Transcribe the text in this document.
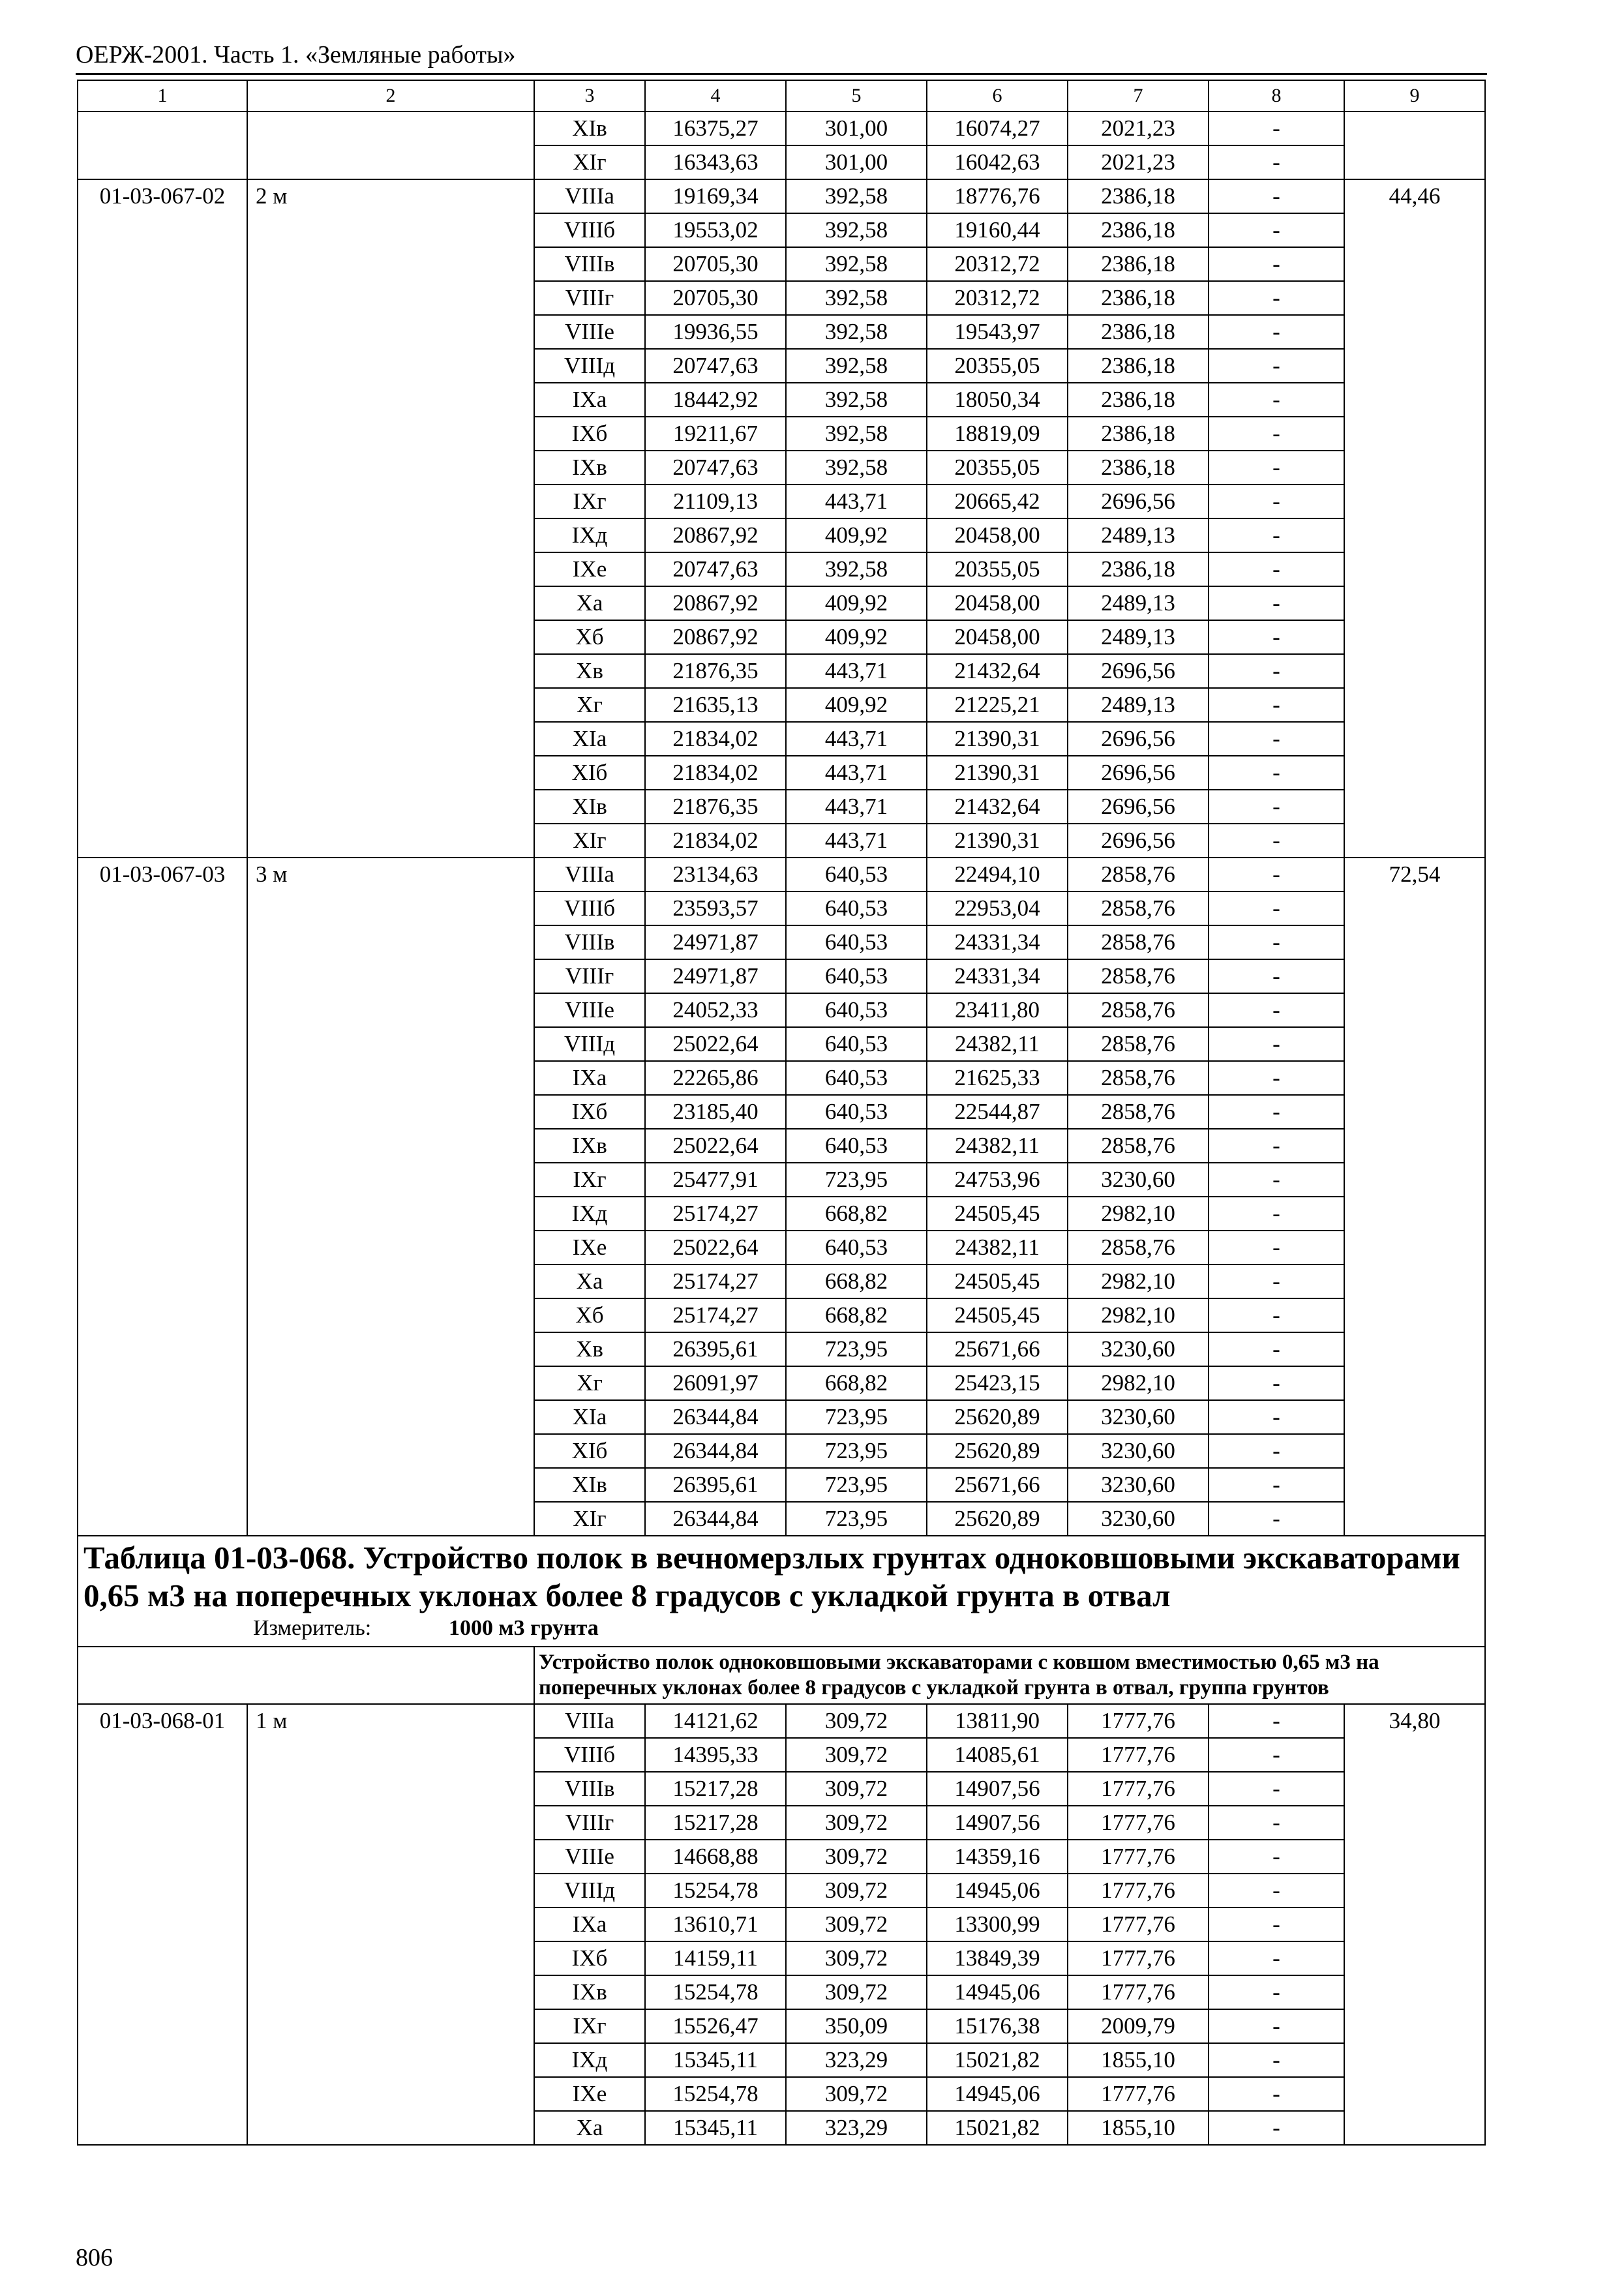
ОЕРЖ-2001. Часть 1. «Земляные работы»
1	2	3	4	5	6	7	8	9
		XIв	16375,27	301,00	16074,27	2021,23	-	
		XIг	16343,63	301,00	16042,63	2021,23	-	
01-03-067-02	2 м	VIIIа	19169,34	392,58	18776,76	2386,18	-	44,46
		VIIIб	19553,02	392,58	19160,44	2386,18	-	
		VIIIв	20705,30	392,58	20312,72	2386,18	-	
		VIIIг	20705,30	392,58	20312,72	2386,18	-	
		VIIIе	19936,55	392,58	19543,97	2386,18	-	
		VIIIд	20747,63	392,58	20355,05	2386,18	-	
		IXа	18442,92	392,58	18050,34	2386,18	-	
		IXб	19211,67	392,58	18819,09	2386,18	-	
		IXв	20747,63	392,58	20355,05	2386,18	-	
		IXг	21109,13	443,71	20665,42	2696,56	-	
		IXд	20867,92	409,92	20458,00	2489,13	-	
		IXе	20747,63	392,58	20355,05	2386,18	-	
		Xа	20867,92	409,92	20458,00	2489,13	-	
		Xб	20867,92	409,92	20458,00	2489,13	-	
		Xв	21876,35	443,71	21432,64	2696,56	-	
		Xг	21635,13	409,92	21225,21	2489,13	-	
		XIа	21834,02	443,71	21390,31	2696,56	-	
		XIб	21834,02	443,71	21390,31	2696,56	-	
		XIв	21876,35	443,71	21432,64	2696,56	-	
		XIг	21834,02	443,71	21390,31	2696,56	-	
01-03-067-03	3 м	VIIIа	23134,63	640,53	22494,10	2858,76	-	72,54
		VIIIб	23593,57	640,53	22953,04	2858,76	-	
		VIIIв	24971,87	640,53	24331,34	2858,76	-	
		VIIIг	24971,87	640,53	24331,34	2858,76	-	
		VIIIе	24052,33	640,53	23411,80	2858,76	-	
		VIIIд	25022,64	640,53	24382,11	2858,76	-	
		IXа	22265,86	640,53	21625,33	2858,76	-	
		IXб	23185,40	640,53	22544,87	2858,76	-	
		IXв	25022,64	640,53	24382,11	2858,76	-	
		IXг	25477,91	723,95	24753,96	3230,60	-	
		IXд	25174,27	668,82	24505,45	2982,10	-	
		IXе	25022,64	640,53	24382,11	2858,76	-	
		Xа	25174,27	668,82	24505,45	2982,10	-	
		Xб	25174,27	668,82	24505,45	2982,10	-	
		Xв	26395,61	723,95	25671,66	3230,60	-	
		Xг	26091,97	668,82	25423,15	2982,10	-	
		XIа	26344,84	723,95	25620,89	3230,60	-	
		XIб	26344,84	723,95	25620,89	3230,60	-	
		XIв	26395,61	723,95	25671,66	3230,60	-	
		XIг	26344,84	723,95	25620,89	3230,60	-	
Таблица 01-03-068. Устройство полок в вечномерзлых грунтах одноковшовыми экскаваторами 0,65 м3 на поперечных уклонах более 8 градусов с укладкой грунта в отвал
Измеритель: 1000 м3 грунта								

		Устройство полок одноковшовыми экскаваторами с ковшом вместимостью 0,65 м3 на поперечных уклонах более 8 градусов с укладкой грунта в отвал, группа грунтов						
01-03-068-01	1 м	VIIIа	14121,62	309,72	13811,90	1777,76	-	34,80
		VIIIб	14395,33	309,72	14085,61	1777,76	-	
		VIIIв	15217,28	309,72	14907,56	1777,76	-	
		VIIIг	15217,28	309,72	14907,56	1777,76	-	
		VIIIе	14668,88	309,72	14359,16	1777,76	-	
		VIIIд	15254,78	309,72	14945,06	1777,76	-	
		IXа	13610,71	309,72	13300,99	1777,76	-	
		IXб	14159,11	309,72	13849,39	1777,76	-	
		IXв	15254,78	309,72	14945,06	1777,76	-	
		IXг	15526,47	350,09	15176,38	2009,79	-	
		IXд	15345,11	323,29	15021,82	1855,10	-	
		IXе	15254,78	309,72	14945,06	1777,76	-	
		Xа	15345,11	323,29	15021,82	1855,10	-	
806
